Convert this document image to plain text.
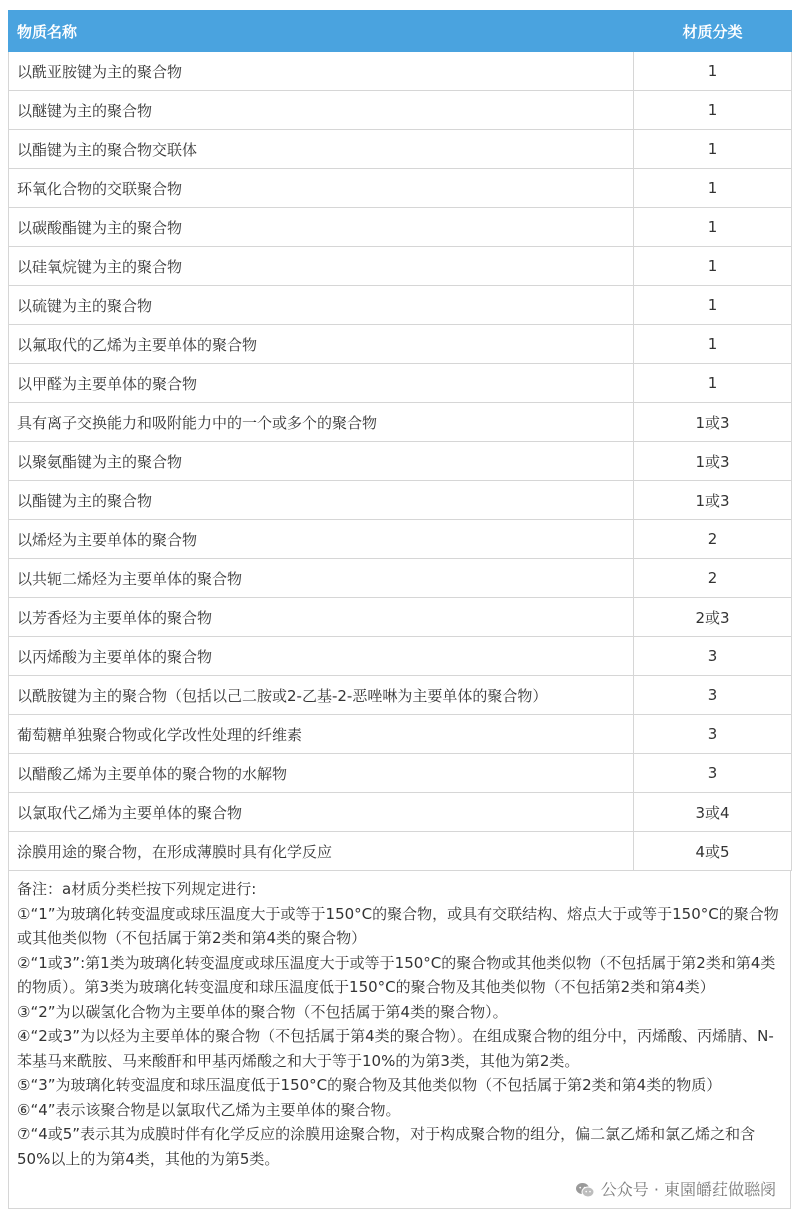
物质名称	材质分类
以酰亚胺键为主的聚合物	1
以醚键为主的聚合物	1
以酯键为主的聚合物交联体	1
环氧化合物的交联聚合物	1
以碳酸酯键为主的聚合物	1
以硅氧烷键为主的聚合物	1
以硫键为主的聚合物	1
以氟取代的乙烯为主要单体的聚合物	1
以甲醛为主要单体的聚合物	1
具有离子交换能力和吸附能力中的一个或多个的聚合物	1或3
以聚氨酯键为主的聚合物	1或3
以酯键为主的聚合物	1或3
以烯烃为主要单体的聚合物	2
以共轭二烯烃为主要单体的聚合物	2
以芳香烃为主要单体的聚合物	2或3
以丙烯酸为主要单体的聚合物	3
以酰胺键为主的聚合物（包括以己二胺或2-乙基-2-恶唑啉为主要单体的聚合物）	3
葡萄糖单独聚合物或化学改性处理的纤维素	3
以醋酸乙烯为主要单体的聚合物的水解物	3
以氯取代乙烯为主要单体的聚合物	3或4
涂膜用途的聚合物，在形成薄膜时具有化学反应	4或5

备注：a材质分类栏按下列规定进行:

①“1”为玻璃化转变温度或球压温度大于或等于150°C的聚合物，或具有交联结构、熔点大于或等于150°C的聚合物或其他类似物（不包括属于第2类和第4类的聚合物）

②“1或3”:第1类为玻璃化转变温度或球压温度大于或等于150°C的聚合物或其他类似物（不包括属于第2类和第4类的物质）。第3类为玻璃化转变温度和球压温度低于150°C的聚合物及其他类似物（不包括第2类和第4类）

③“2”为以碳氢化合物为主要单体的聚合物（不包括属于第4类的聚合物）。

④“2或3”为以烃为主要单体的聚合物（不包括属于第4类的聚合物）。在组成聚合物的组分中，丙烯酸、丙烯腈、N-苯基马来酰胺、马来酸酐和甲基丙烯酸之和大于等于10%的为第3类，其他为第2类。

⑤“3”为玻璃化转变温度和球压温度低于150°C的聚合物及其他类似物（不包括属于第2类和第4类的物质）

⑥“4”表示该聚合物是以氯取代乙烯为主要单体的聚合物。

⑦“4或5”表示其为成膜时伴有化学反应的涂膜用途聚合物，对于构成聚合物的组分，偏二氯乙烯和氯乙烯之和含50%以上的为第4类，其他的为第5类。

公众号 · 東園皭荭做聮阌
